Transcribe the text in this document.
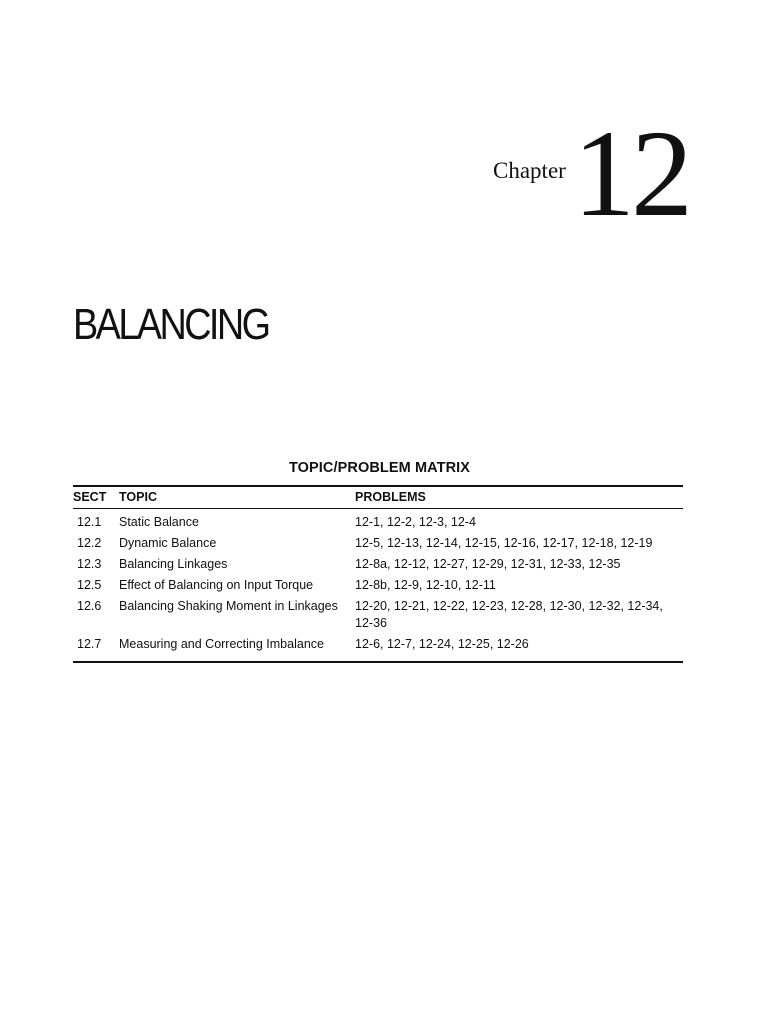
Chapter 12
BALANCING
TOPIC/PROBLEM MATRIX
SECT	TOPIC	PROBLEMS
12.1	Static Balance	12-1, 12-2, 12-3, 12-4
12.2	Dynamic Balance	12-5, 12-13, 12-14, 12-15, 12-16, 12-17, 12-18, 12-19
12.3	Balancing Linkages	12-8a, 12-12, 12-27, 12-29, 12-31, 12-33, 12-35
12.5	Effect of Balancing on Input Torque	12-8b, 12-9, 12-10, 12-11
12.6	Balancing Shaking Moment in Linkages	12-20, 12-21, 12-22, 12-23, 12-28, 12-30, 12-32, 12-34, 12-36
12.7	Measuring and Correcting Imbalance	12-6, 12-7, 12-24, 12-25, 12-26
